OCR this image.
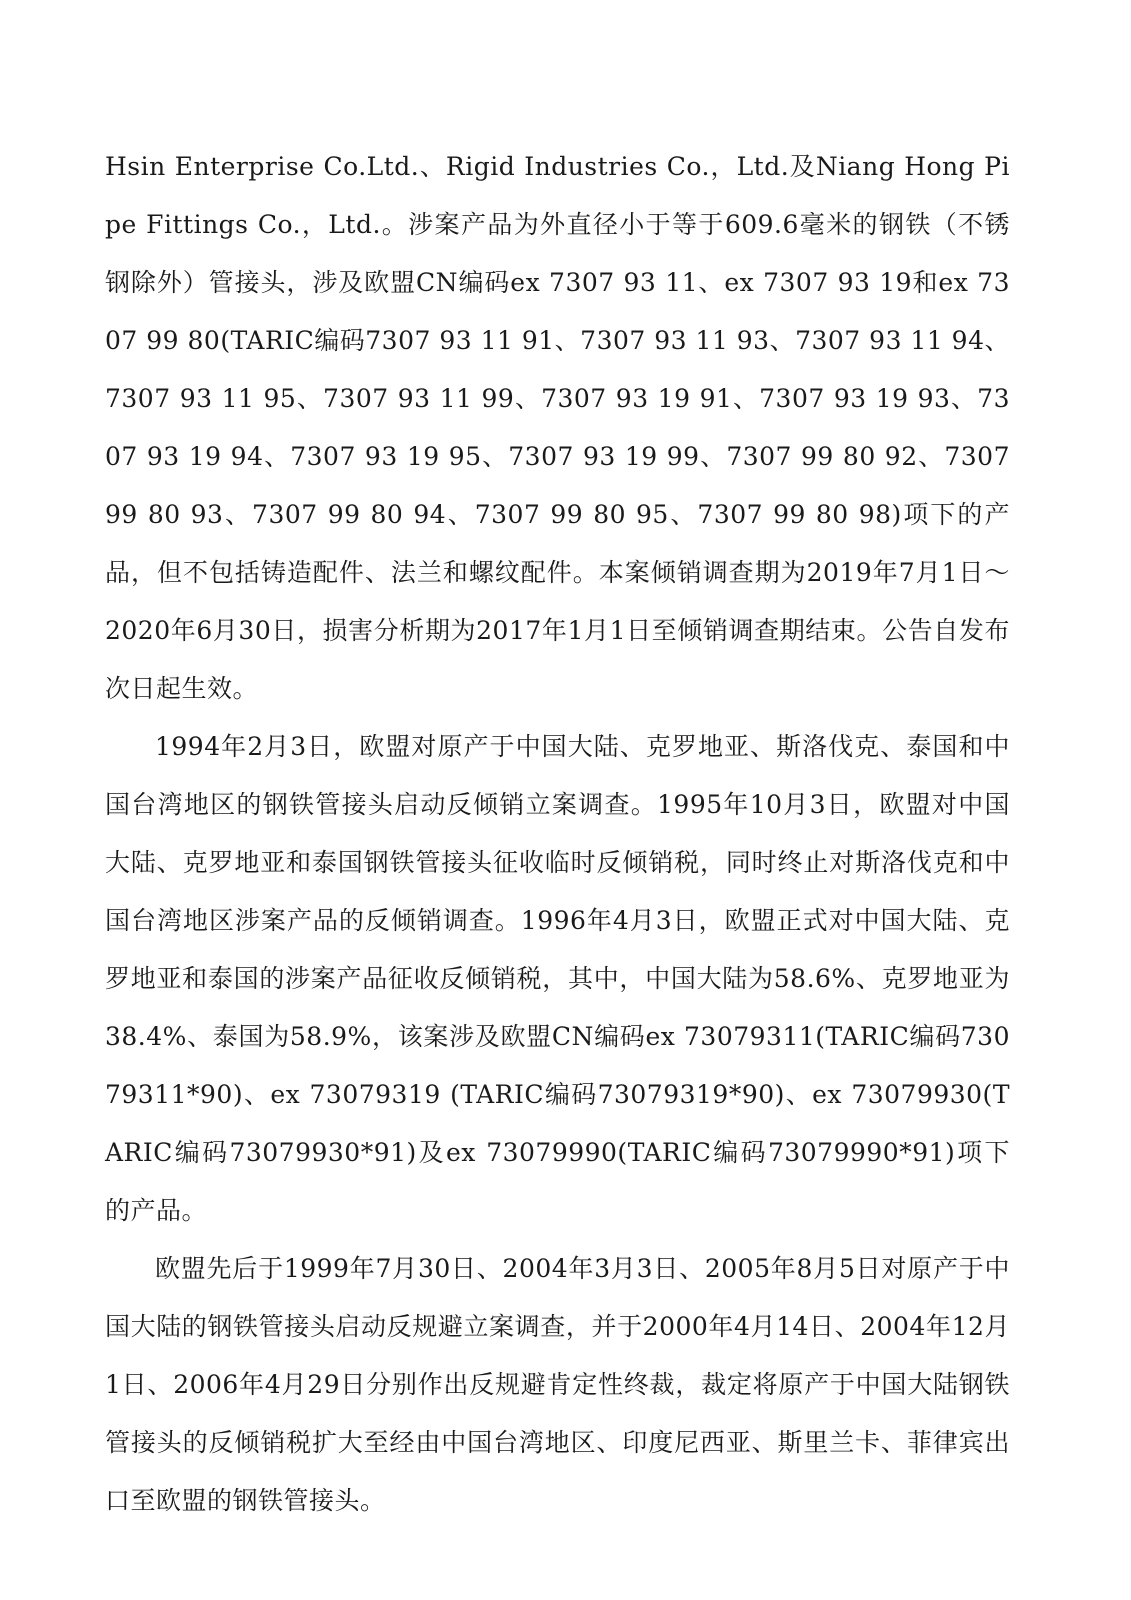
Hsin Enterprise Co.Ltd.、Rigid Industries Co.，Ltd.及Niang Hong Pipe Fittings Co.，Ltd.。涉案产品为外直径小于等于609.6毫米的钢铁（不锈钢除外）管接头，涉及欧盟CN编码ex 7307 93 11、ex 7307 93 19和ex 7307 99 80(TARIC编码7307 93 11 91、7307 93 11 93、7307 93 11 94、7307 93 11 95、7307 93 11 99、7307 93 19 91、7307 93 19 93、7307 93 19 94、7307 93 19 95、7307 93 19 99、7307 99 80 92、7307 99 80 93、7307 99 80 94、7307 99 80 95、7307 99 80 98)项下的产品，但不包括铸造配件、法兰和螺纹配件。本案倾销调查期为2019年7月1日～2020年6月30日，损害分析期为2017年1月1日至倾销调查期结束。公告自发布次日起生效。

1994年2月3日，欧盟对原产于中国大陆、克罗地亚、斯洛伐克、泰国和中国台湾地区的钢铁管接头启动反倾销立案调查。1995年10月3日，欧盟对中国大陆、克罗地亚和泰国钢铁管接头征收临时反倾销税，同时终止对斯洛伐克和中国台湾地区涉案产品的反倾销调查。1996年4月3日，欧盟正式对中国大陆、克罗地亚和泰国的涉案产品征收反倾销税，其中，中国大陆为58.6%、克罗地亚为38.4%、泰国为58.9%，该案涉及欧盟CN编码ex 73079311(TARIC编码73079311*90)、ex 73079319 (TARIC编码73079319*90)、ex 73079930(TARIC编码73079930*91)及ex 73079990(TARIC编码73079990*91)项下的产品。

欧盟先后于1999年7月30日、2004年3月3日、2005年8月5日对原产于中国大陆的钢铁管接头启动反规避立案调查，并于2000年4月14日、2004年12月1日、2006年4月29日分别作出反规避肯定性终裁，裁定将原产于中国大陆钢铁管接头的反倾销税扩大至经由中国台湾地区、印度尼西亚、斯里兰卡、菲律宾出口至欧盟的钢铁管接头。
